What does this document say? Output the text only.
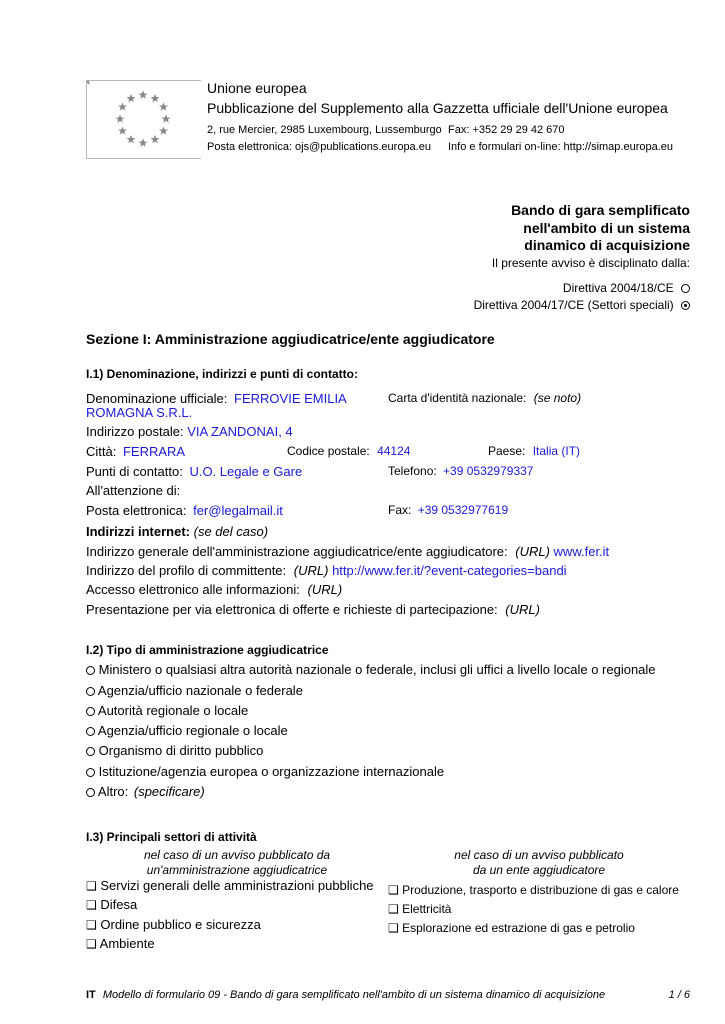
Unione europea
Pubblicazione del Supplemento alla Gazzetta ufficiale dell'Unione europea
2, rue Mercier, 2985 Luxembourg, Lussemburgo Fax: +352 29 29 42 670
Posta elettronica: ojs@publications.europa.eu Info e formulari on-line: http://simap.europa.eu
Bando di gara semplificato
nell'ambito di un sistema
dinamico di acquisizione
Il presente avviso è disciplinato dalla:
Direttiva 2004/18/CE
Direttiva 2004/17/CE (Settori speciali)
Sezione I: Amministrazione aggiudicatrice/ente aggiudicatore
I.1) Denominazione, indirizzi e punti di contatto:
Denominazione ufficiale: FERROVIE EMILIA
ROMAGNA S.R.L.
Carta d'identità nazionale: (se noto)
Indirizzo postale: VIA ZANDONAI, 4
Città: FERRARA	Codice postale: 44124	Paese: Italia (IT)
Punti di contatto: U.O. Legale e Gare	Telefono: +39 0532979337
All'attenzione di:
Posta elettronica: fer@legalmail.it	Fax: +39 0532977619
Indirizzi internet: (se del caso)
Indirizzo generale dell'amministrazione aggiudicatrice/ente aggiudicatore: (URL) www.fer.it
Indirizzo del profilo di committente: (URL) http://www.fer.it/?event-categories=bandi
Accesso elettronico alle informazioni: (URL)
Presentazione per via elettronica di offerte e richieste di partecipazione: (URL)
I.2) Tipo di amministrazione aggiudicatrice
Ministero o qualsiasi altra autorità nazionale o federale, inclusi gli uffici a livello locale o regionale
Agenzia/ufficio nazionale o federale
Autorità regionale o locale
Agenzia/ufficio regionale o locale
Organismo di diritto pubblico
Istituzione/agenzia europea o organizzazione internazionale
Altro: (specificare)
I.3) Principali settori di attività
nel caso di un avviso pubblicato da
un'amministrazione aggiudicatrice
nel caso di un avviso pubblicato
da un ente aggiudicatore
❑ Servizi generali delle amministrazioni pubbliche
❑ Difesa
❑ Ordine pubblico e sicurezza
❑ Ambiente
❑ Produzione, trasporto e distribuzione di gas e calore
❑ Elettricità
❑ Esplorazione ed estrazione di gas e petrolio
IT Modello di formulario 09 - Bando di gara semplificato nell'ambito di un sistema dinamico di acquisizione	1 / 6
